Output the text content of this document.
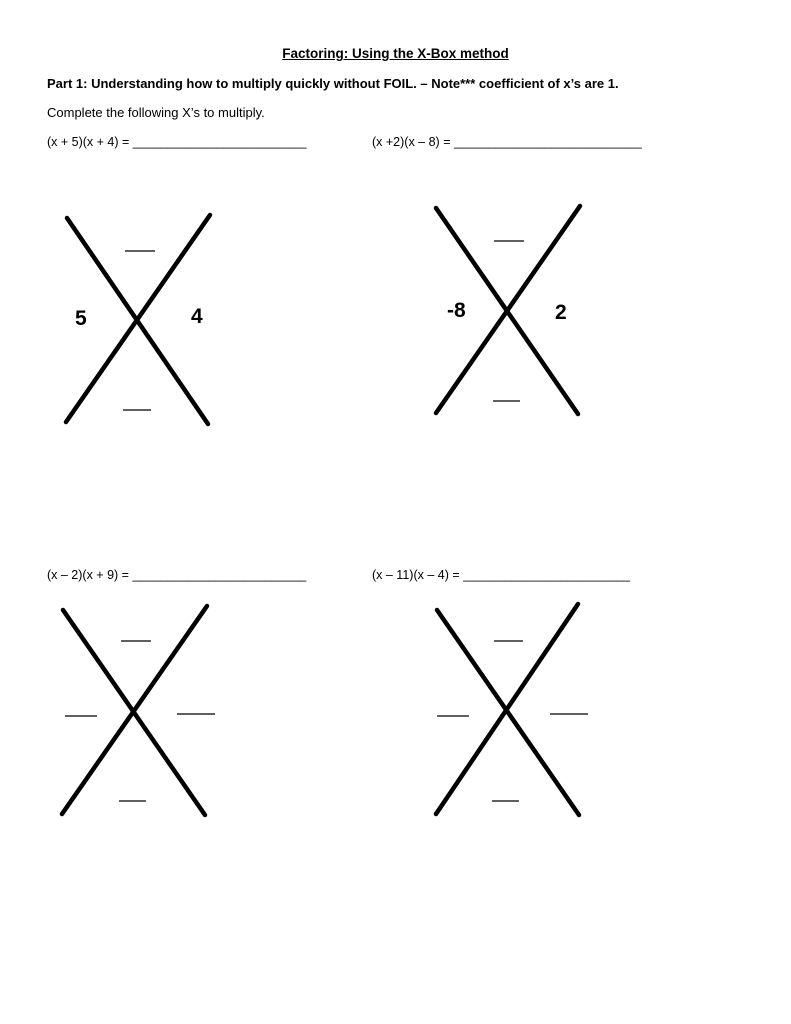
Factoring: Using the X-Box method
Part 1: Understanding how to multiply quickly without FOIL. – Note*** coefficient of x’s are 1.
Complete the following X’s to multiply.
(x + 5)(x + 4) = _________________________	(x +2)(x – 8) = ___________________________
(x – 2)(x + 9) = _________________________	(x – 11)(x – 4) = ________________________
5	4	-8	2
